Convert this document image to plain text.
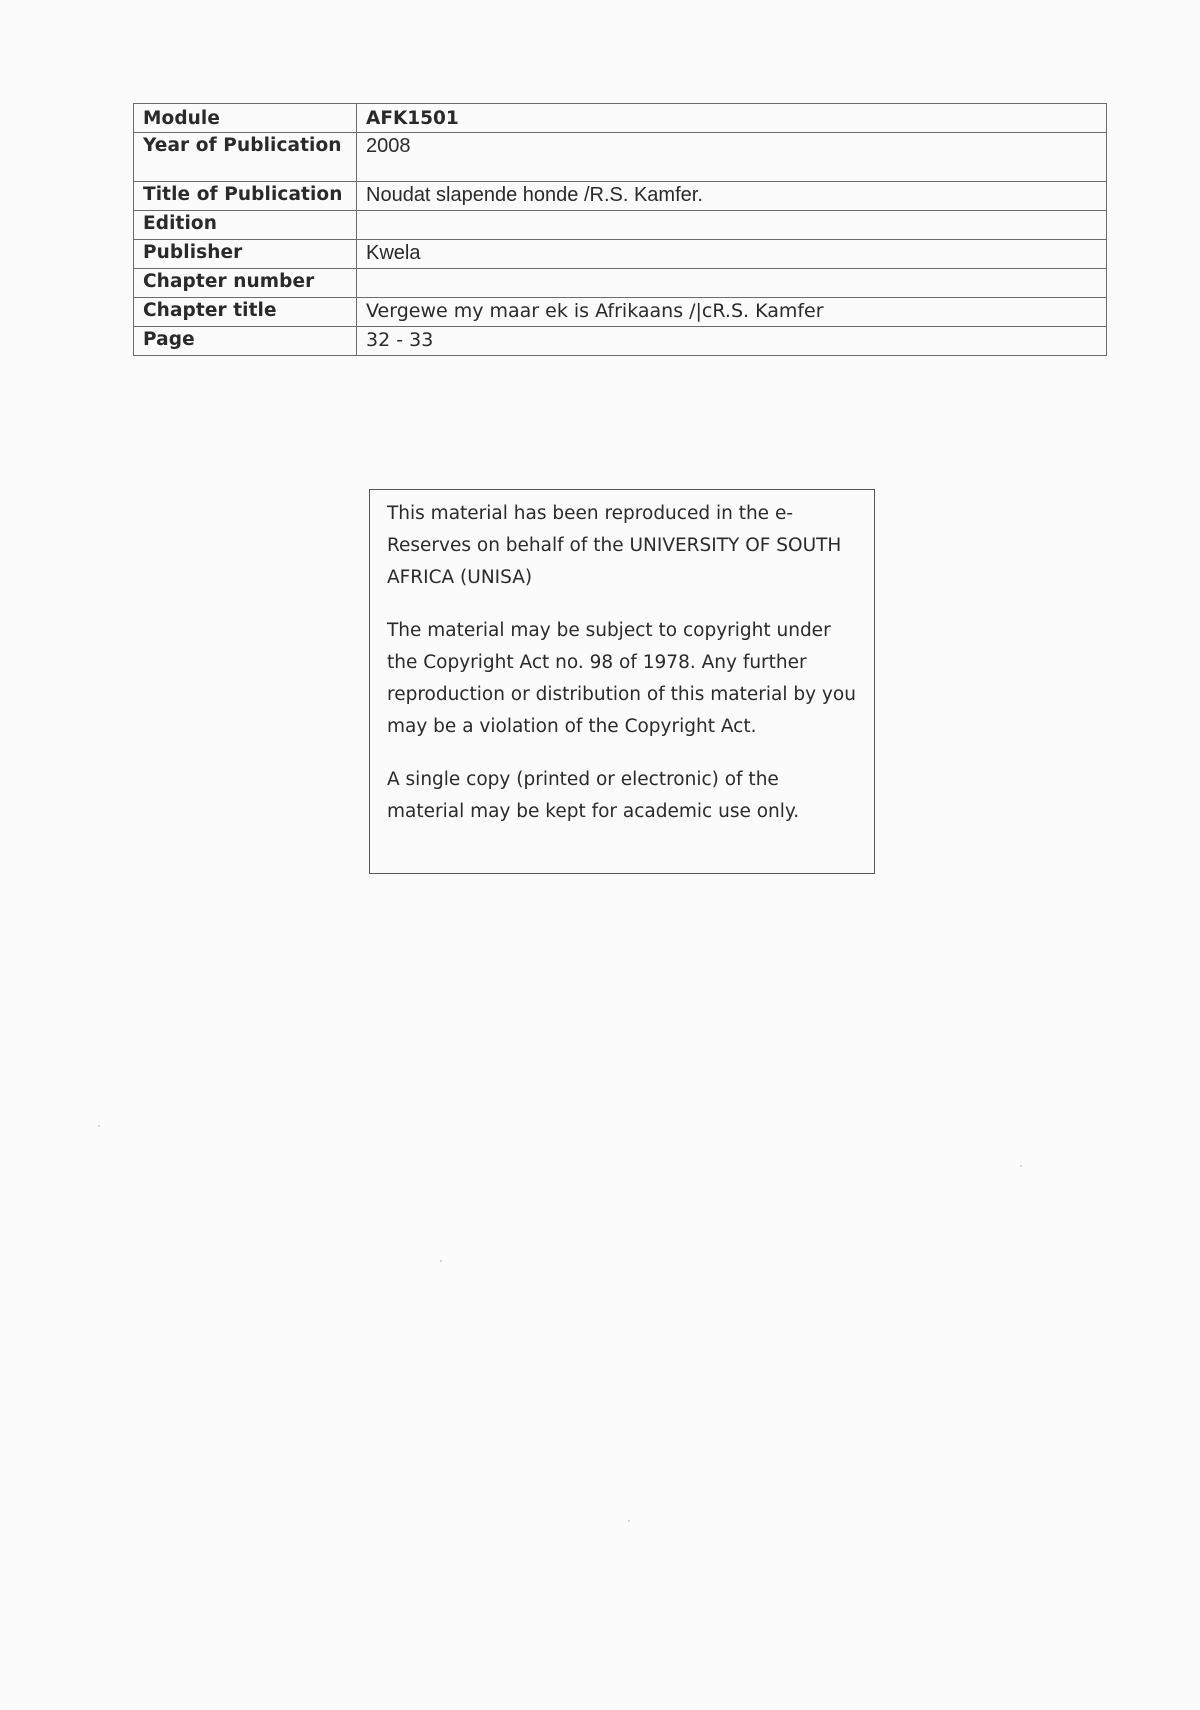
Module	AFK1501
Year of Publication	2008
Title of Publication	Noudat slapende honde /R.S. Kamfer.
Edition	
Publisher	Kwela
Chapter number	
Chapter title	Vergewe my maar ek is Afrikaans /|cR.S. Kamfer
Page	32 - 33

This material has been reproduced in the e-Reserves on behalf of the UNIVERSITY OF SOUTH AFRICA (UNISA)

The material may be subject to copyright under the Copyright Act no. 98 of 1978. Any further reproduction or distribution of this material by you may be a violation of the Copyright Act.

A single copy (printed or electronic) of the material may be kept for academic use only.
